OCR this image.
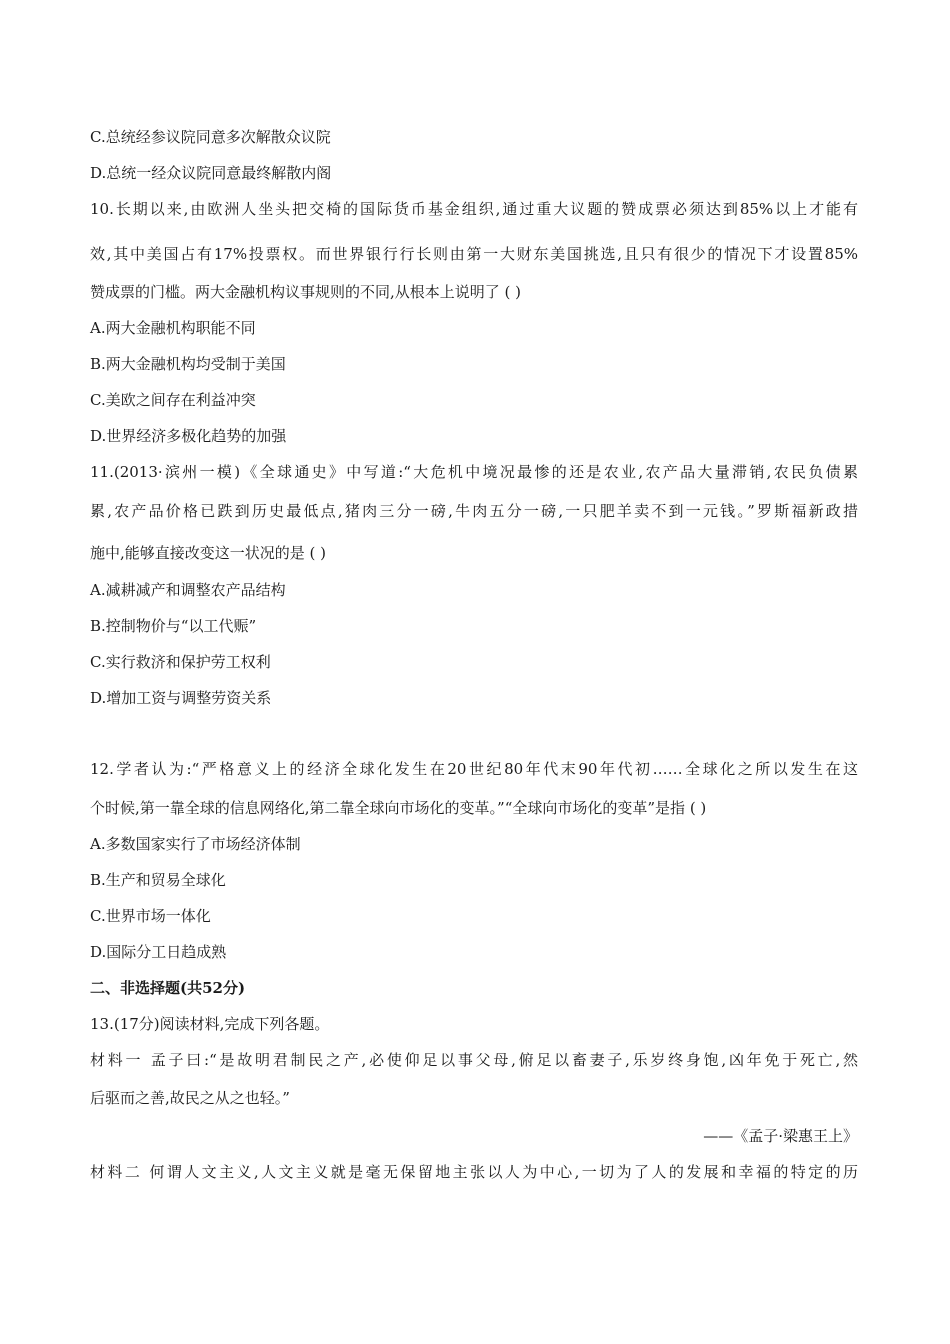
C.总统经参议院同意多次解散众议院
D.总统一经众议院同意最终解散内阁
10.长期以来,由欧洲人坐头把交椅的国际货币基金组织,通过重大议题的赞成票必须达到85%以上才能有
效,其中美国占有17%投票权。而世界银行行长则由第一大财东美国挑选,且只有很少的情况下才设置85%
赞成票的门槛。两大金融机构议事规则的不同,从根本上说明了 ( )
A.两大金融机构职能不同
B.两大金融机构均受制于美国
C.美欧之间存在利益冲突
D.世界经济多极化趋势的加强
11.(2013·滨州一模)《全球通史》中写道:“大危机中境况最惨的还是农业,农产品大量滞销,农民负债累
累,农产品价格已跌到历史最低点,猪肉三分一磅,牛肉五分一磅,一只肥羊卖不到一元钱。”罗斯福新政措
施中,能够直接改变这一状况的是 ( )
A.减耕减产和调整农产品结构
B.控制物价与“以工代赈”
C.实行救济和保护劳工权利
D.增加工资与调整劳资关系
12.学者认为:“严格意义上的经济全球化发生在20世纪80年代末90年代初……全球化之所以发生在这
个时候,第一靠全球的信息网络化,第二靠全球向市场化的变革。”“全球向市场化的变革”是指 ( )
A.多数国家实行了市场经济体制
B.生产和贸易全球化
C.世界市场一体化
D.国际分工日趋成熟
二、非选择题(共52分)
13.(17分)阅读材料,完成下列各题。
材料一 孟子曰:“是故明君制民之产,必使仰足以事父母,俯足以畜妻子,乐岁终身饱,凶年免于死亡,然
后驱而之善,故民之从之也轻。”
——《孟子·梁惠王上》
材料二 何谓人文主义,人文主义就是毫无保留地主张以人为中心,一切为了人的发展和幸福的特定的历
